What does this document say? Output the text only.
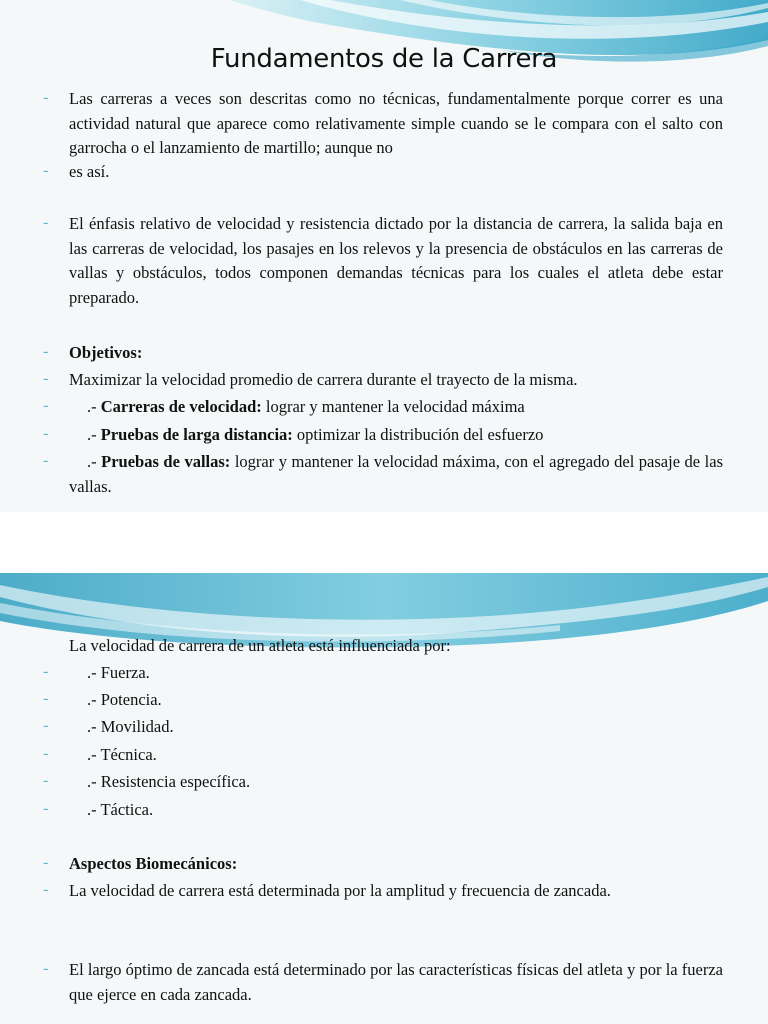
Fundamentos de la Carrera
- Las carreras a veces son descritas como no técnicas, fundamentalmente porque correr es una actividad natural que aparece como relativamente simple cuando se le compara con el salto con garrocha o el lanzamiento de martillo; aunque no
- es así.
- El énfasis relativo de velocidad y resistencia dictado por la distancia de carrera, la salida baja en las carreras de velocidad, los pasajes en los relevos y la presencia de obstáculos en las carreras de vallas y obstáculos, todos componen demandas técnicas para los cuales el atleta debe estar preparado.
- Objetivos:
- Maximizar la velocidad promedio de carrera durante el trayecto de la misma.
-	.- Carreras de velocidad: lograr y mantener la velocidad máxima
-	.- Pruebas de larga distancia: optimizar la distribución del esfuerzo
-	.- Pruebas de vallas: lograr y mantener la velocidad máxima, con el agregado del pasaje de las vallas.
La velocidad de carrera de un atleta está influenciada por:
-	.- Fuerza.
-	.- Potencia.
-	.- Movilidad.
-	.- Técnica.
-	.- Resistencia específica.
-	.- Táctica.
- Aspectos Biomecánicos:
- La velocidad de carrera está determinada por la amplitud y frecuencia de zancada.
- El largo óptimo de zancada está determinado por las características físicas del atleta y por la fuerza que ejerce en cada zancada.
